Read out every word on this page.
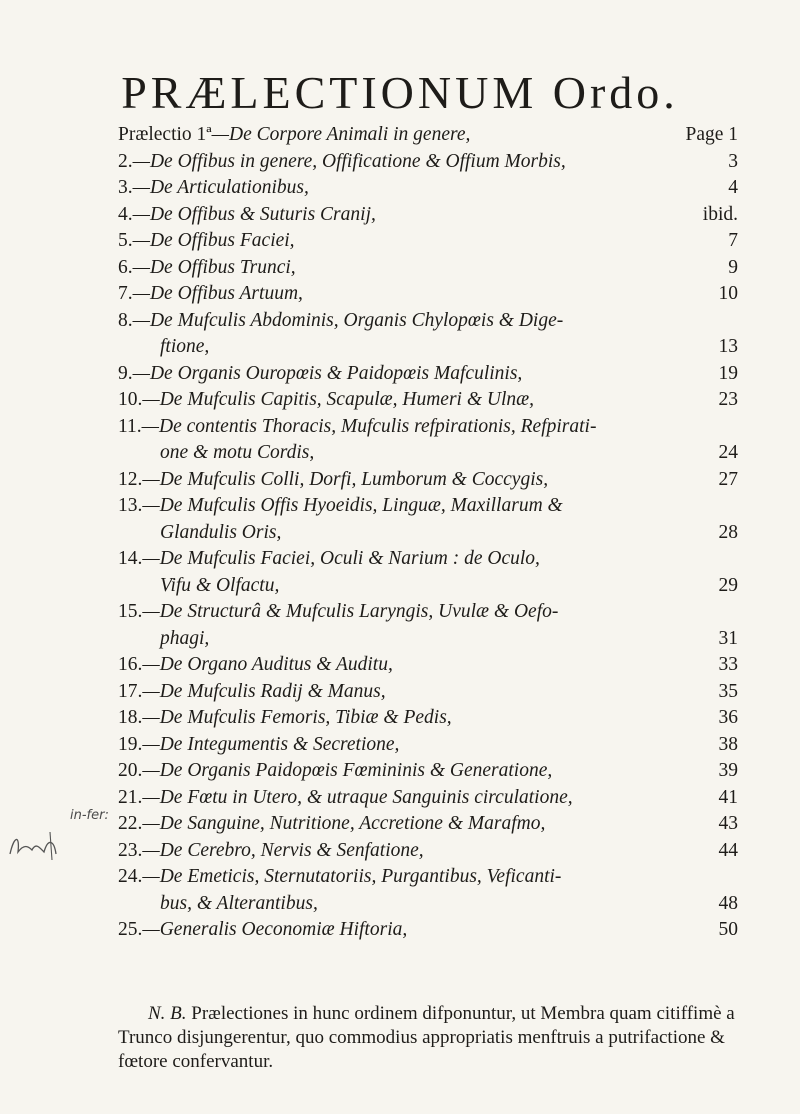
PRÆLECTIONUM Ordo.
Prælectio 1ª—De Corpore Animali in genere,	Page 1
2.—De Offibus in genere, Offificatione & Offium Morbis,	3
3.—De Articulationibus,	4
4.—De Offibus & Suturis Cranij,	ibid.
5.—De Offibus Faciei,	7
6.—De Offibus Trunci,	9
7.—De Offibus Artuum,	10
8.—De Mufculis Abdominis, Organis Chylopœis & Dige-
ftione,	13
9.—De Organis Ouropœis & Paidopœis Mafculinis,	19
10.—De Mufculis Capitis, Scapulæ, Humeri & Ulnæ,	23
11.—De contentis Thoracis, Mufculis refpirationis, Refpirati-
one & motu Cordis,	24
12.—De Mufculis Colli, Dorfi, Lumborum & Coccygis,	27
13.—De Mufculis Offis Hyoeidis, Linguæ, Maxillarum &
Glandulis Oris,	28
14.—De Mufculis Faciei, Oculi & Narium : de Oculo,
Vifu & Olfactu,	29
15.—De Structurâ & Mufculis Laryngis, Uvulæ & Oefo-
phagi,	31
16.—De Organo Auditus & Auditu,	33
17.—De Mufculis Radij & Manus,	35
18.—De Mufculis Femoris, Tibiæ & Pedis,	36
19.—De Integumentis & Secretione,	38
20.—De Organis Paidopœis Fœmininis & Generatione,	39
21.—De Fœtu in Utero, & utraque Sanguinis circulatione,	41
22.—De Sanguine, Nutritione, Accretione & Marafmo,	43
23.—De Cerebro, Nervis & Senfatione,	44
24.—De Emeticis, Sternutatoriis, Purgantibus, Veficanti-
bus, & Alterantibus,	48
25.—Generalis Oeconomiæ Hiftoria,	50
N. B. Prælectiones in hunc ordinem difponuntur, ut Membra quam citiffimè a Trunco disjungerentur, quo commodius appropriatis menftruis a putrifactione & fœtore confervantur.
in-fer:
